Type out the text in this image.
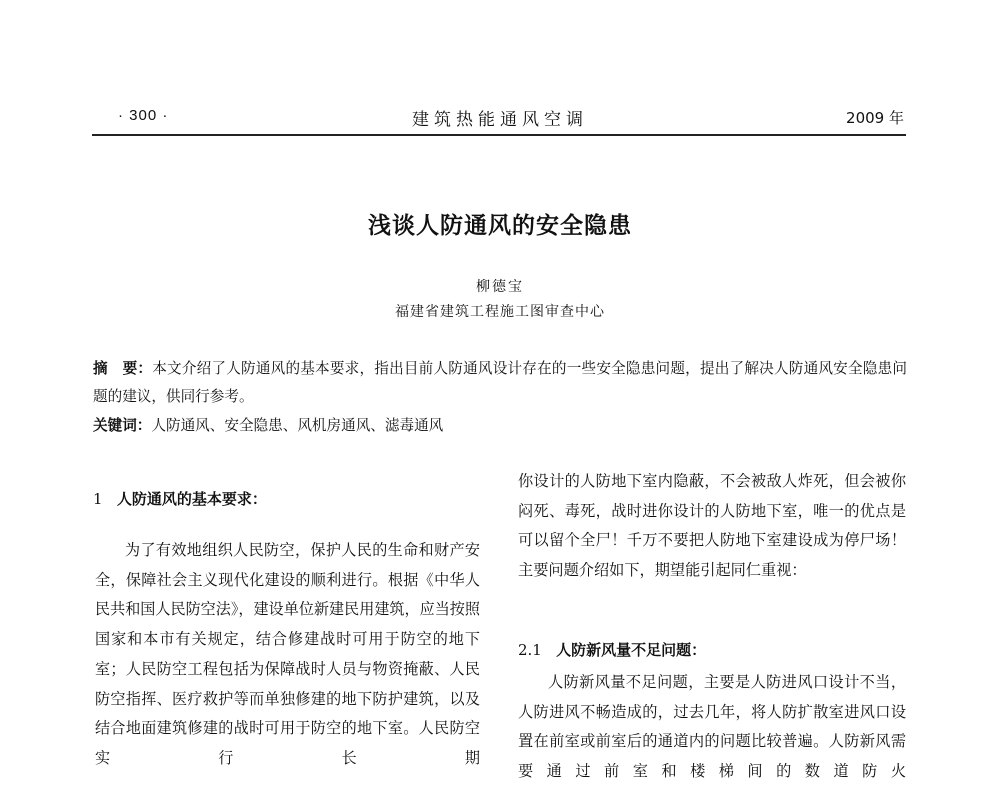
· 300 ·	建筑热能通风空调	2009 年
浅谈人防通风的安全隐患
柳德宝
福建省建筑工程施工图审查中心
摘　要：本文介绍了人防通风的基本要求，指出目前人防通风设计存在的一些安全隐患问题，提出了解决人防通风安全隐患问题的建议，供同行参考。
关键词：人防通风、安全隐患、风机房通风、滤毒通风
1 人防通风的基本要求：
为了有效地组织人民防空，保护人民的生命和财产安全，保障社会主义现代化建设的顺利进行。根据《中华人民共和国人民防空法》，建设单位新建民用建筑，应当按照国家和本市有关规定，结合修建战时可用于防空的地下室；人民防空工程包括为保障战时人员与物资掩蔽、人民防空指挥、医疗救护等而单独修建的地下防护建筑，以及结合地面建筑修建的战时可用于防空的地下室。人民防空实行长期
你设计的人防地下室内隐蔽，不会被敌人炸死，但会被你闷死、毒死，战时进你设计的人防地下室，唯一的优点是可以留个全尸！千万不要把人防地下室建设成为停尸场！主要问题介绍如下，期望能引起同仁重视：
2.1 人防新风量不足问题：
人防新风量不足问题，主要是人防进风口设计不当，人防进风不畅造成的，过去几年，将人防扩散室进风口设置在前室或前室后的通道内的问题比较普遍。人防新风需要通过前室和楼梯间的数道防火
